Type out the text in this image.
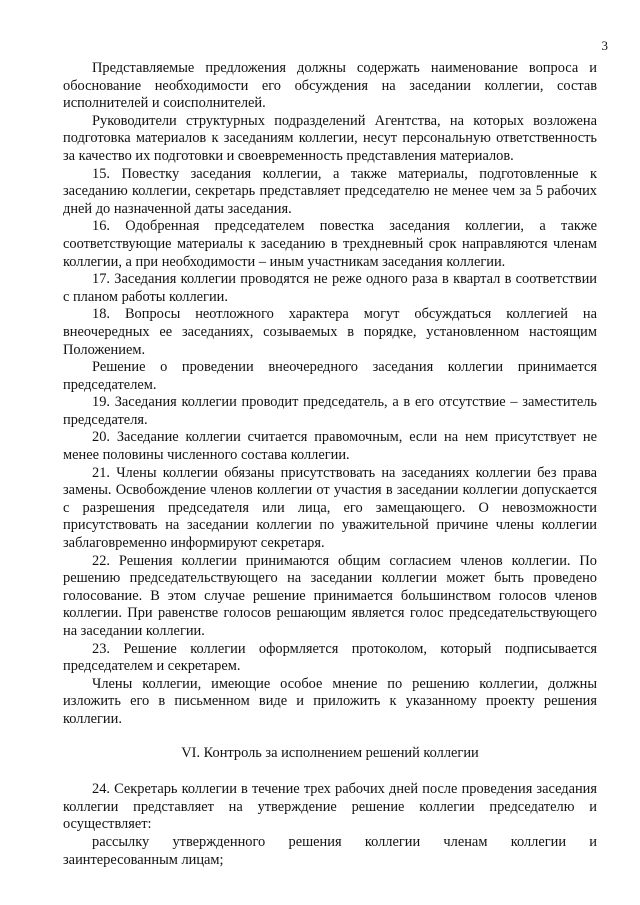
3

Представляемые предложения должны содержать наименование вопроса и обоснование необходимости его обсуждения на заседании коллегии, состав исполнителей и соисполнителей.

Руководители структурных подразделений Агентства, на которых возложена подготовка материалов к заседаниям коллегии, несут персональную ответственность за качество их подготовки и своевременность представления материалов.

15. Повестку заседания коллегии, а также материалы, подготовленные к заседанию коллегии, секретарь представляет председателю не менее чем за 5 рабочих дней до назначенной даты заседания.

16. Одобренная председателем повестка заседания коллегии, а также соответствующие материалы к заседанию в трехдневный срок направляются членам коллегии, а при необходимости – иным участникам заседания коллегии.

17. Заседания коллегии проводятся не реже одного раза в квартал в соответствии с планом работы коллегии.

18. Вопросы неотложного характера могут обсуждаться коллегией на внеочередных ее заседаниях, созываемых в порядке, установленном настоящим Положением.

Решение о проведении внеочередного заседания коллегии принимается председателем.

19. Заседания коллегии проводит председатель, а в его отсутствие – заместитель председателя.

20. Заседание коллегии считается правомочным, если на нем присутствует не менее половины численного состава коллегии.

21. Члены коллегии обязаны присутствовать на заседаниях коллегии без права замены. Освобождение членов коллегии от участия в заседании коллегии допускается с разрешения председателя или лица, его замещающего. О невозможности присутствовать на заседании коллегии по уважительной причине члены коллегии заблаговременно информируют секретаря.

22. Решения коллегии принимаются общим согласием членов коллегии. По решению председательствующего на заседании коллегии может быть проведено голосование. В этом случае решение принимается большинством голосов членов коллегии. При равенстве голосов решающим является голос председательствующего на заседании коллегии.

23. Решение коллегии оформляется протоколом, который подписывается председателем и секретарем.

Члены коллегии, имеющие особое мнение по решению коллегии, должны изложить его в письменном виде и приложить к указанному проекту решения коллегии.

VI. Контроль за исполнением решений коллегии

24. Секретарь коллегии в течение трех рабочих дней после проведения заседания коллегии представляет на утверждение решение коллегии председателю и осуществляет:

рассылку утвержденного решения коллегии членам коллегии и заинтересованным лицам;
